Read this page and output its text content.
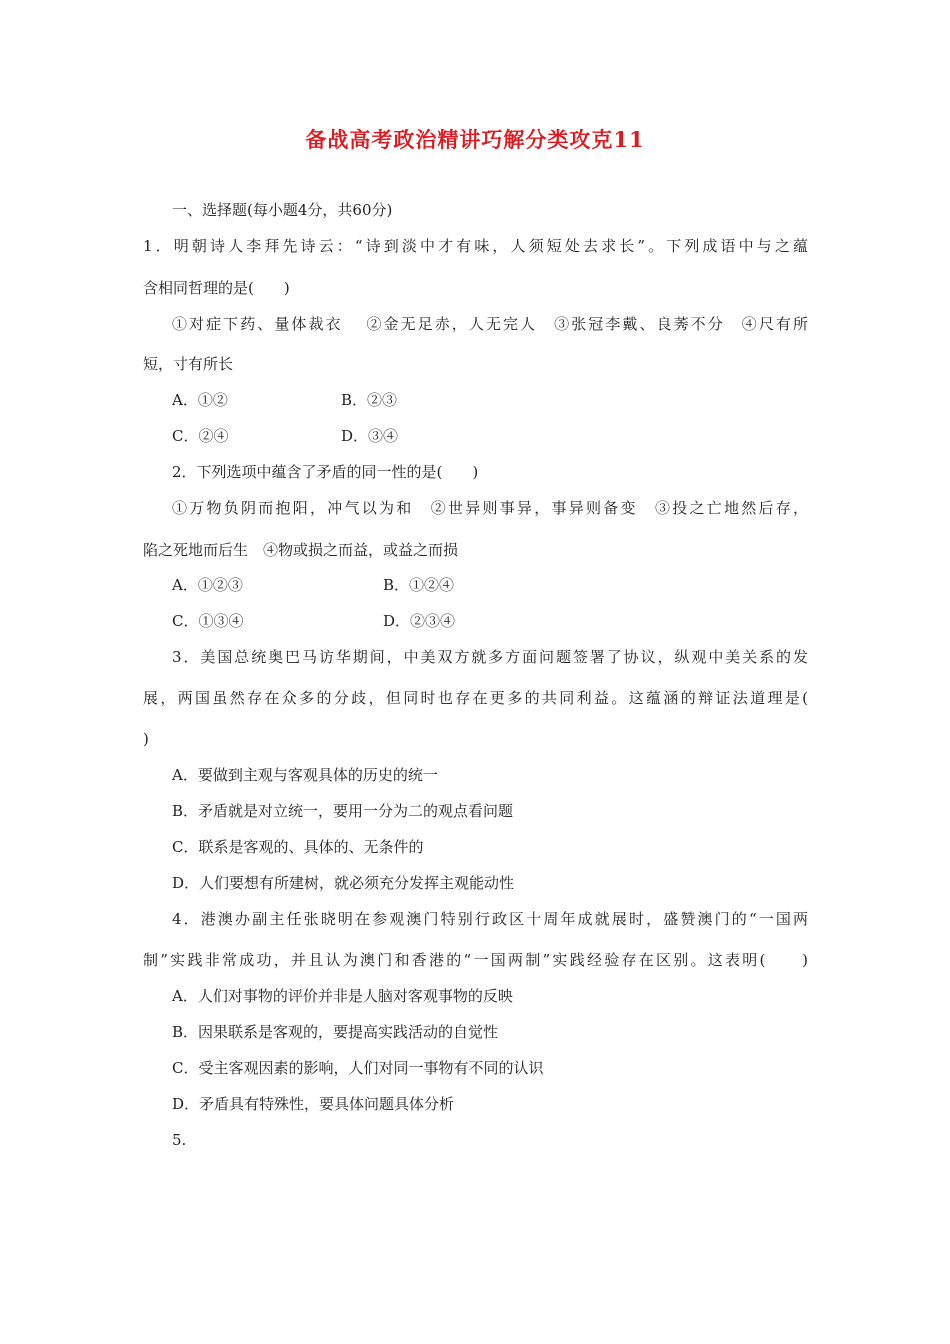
备战高考政治精讲巧解分类攻克11
一、选择题(每小题4分，共60分)
1．明朝诗人李拜先诗云：“诗到淡中才有味，人须短处去求长”。下列成语中与之蕴
含相同哲理的是(　　)
①对症下药、量体裁衣　 ②金无足赤，人无完人　③张冠李戴、良莠不分　④尺有所
短，寸有所长
A．①②	B．②③
C．②④	D．③④
2．下列选项中蕴含了矛盾的同一性的是(　　)
①万物负阴而抱阳，冲气以为和　②世异则事异，事异则备变　③投之亡地然后存，
陷之死地而后生　④物或损之而益，或益之而损
A．①②③	B．①②④
C．①③④	D．②③④
3．美国总统奥巴马访华期间，中美双方就多方面问题签署了协议，纵观中美关系的发
展，两国虽然存在众多的分歧，但同时也存在更多的共同利益。这蕴涵的辩证法道理是(
)
A．要做到主观与客观具体的历史的统一
B．矛盾就是对立统一，要用一分为二的观点看问题
C．联系是客观的、具体的、无条件的
D．人们要想有所建树，就必须充分发挥主观能动性
4．港澳办副主任张晓明在参观澳门特别行政区十周年成就展时，盛赞澳门的“一国两
制”实践非常成功，并且认为澳门和香港的“一国两制”实践经验存在区别。这表明(　　)
A．人们对事物的评价并非是人脑对客观事物的反映
B．因果联系是客观的，要提高实践活动的自觉性
C．受主客观因素的影响，人们对同一事物有不同的认识
D．矛盾具有特殊性，要具体问题具体分析
5.
